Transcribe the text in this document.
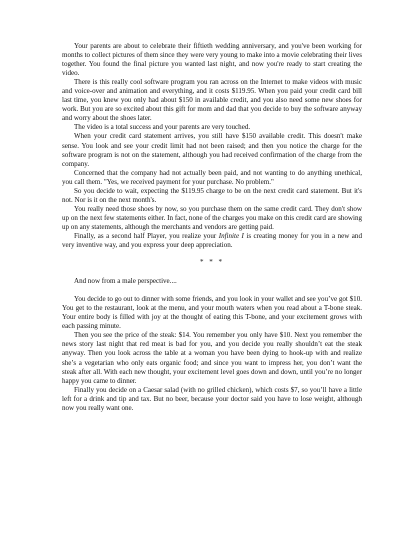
Your parents are about to celebrate their fiftieth wedding anniversary, and you've been working for months to collect pictures of them since they were very young to make into a movie celebrating their lives together. You found the final picture you wanted last night, and now you're ready to start creating the video.

There is this really cool software program you ran across on the Internet to make videos with music and voice-over and animation and everything, and it costs $119.95. When you paid your credit card bill last time, you knew you only had about $150 in available credit, and you also need some new shoes for work. But you are so excited about this gift for mom and dad that you decide to buy the software anyway and worry about the shoes later.

The video is a total success and your parents are very touched.

When your credit card statement arrives, you still have $150 available credit. This doesn't make sense. You look and see your credit limit had not been raised; and then you notice the charge for the software program is not on the statement, although you had received confirmation of the charge from the company.

Concerned that the company had not actually been paid, and not wanting to do anything unethical, you call them. "Yes, we received payment for your purchase. No problem."

So you decide to wait, expecting the $119.95 charge to be on the next credit card statement. But it's not. Nor is it on the next month's.

You really need those shoes by now, so you purchase them on the same credit card. They don't show up on the next few statements either. In fact, none of the charges you make on this credit card are showing up on any statements, although the merchants and vendors are getting paid.

Finally, as a second half Player, you realize your Infinite I is creating money for you in a new and very inventive way, and you express your deep appreciation.

* * *

And now from a male perspective....

You decide to go out to dinner with some friends, and you look in your wallet and see you’ve got $10. You get to the restaurant, look at the menu, and your mouth waters when you read about a T-bone steak. Your entire body is filled with joy at the thought of eating this T-bone, and your excitement grows with each passing minute.

Then you see the price of the steak: $14. You remember you only have $10. Next you remember the news story last night that red meat is bad for you, and you decide you really shouldn’t eat the steak anyway. Then you look across the table at a woman you have been dying to hook-up with and realize she’s a vegetarian who only eats organic food; and since you want to impress her, you don’t want the steak after all. With each new thought, your excitement level goes down and down, until you’re no longer happy you came to dinner.

Finally you decide on a Caesar salad (with no grilled chicken), which costs $7, so you’ll have a little left for a drink and tip and tax. But no beer, because your doctor said you have to lose weight, although now you really want one.
